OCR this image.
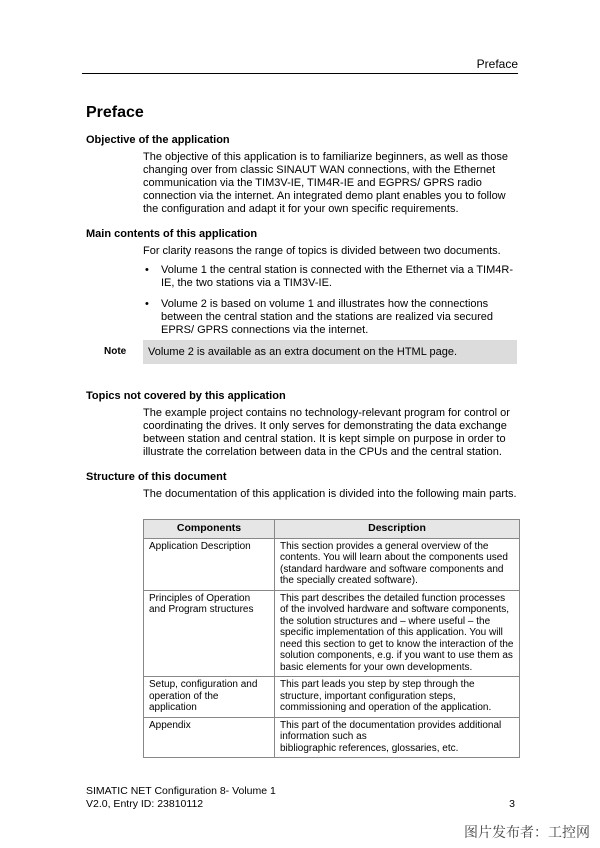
Preface
Preface
Objective of the application
The objective of this application is to familiarize beginners, as well as those changing over from classic SINAUT WAN connections, with the Ethernet communication via the TIM3V-IE, TIM4R-IE and EGPRS/ GPRS radio connection via the internet. An integrated demo plant enables you to follow the configuration and adapt it for your own specific requirements.
Main contents of this application
For clarity reasons the range of topics is divided between two documents.
• Volume 1 the central station is connected with the Ethernet via a TIM4R-IE, the two stations via a TIM3V-IE.
• Volume 2 is based on volume 1 and illustrates how the connections between the central station and the stations are realized via secured EPRS/ GPRS connections via the internet.
Note	Volume 2 is available as an extra document on the HTML page.
Topics not covered by this application
The example project contains no technology-relevant program for control or coordinating the drives. It only serves for demonstrating the data exchange between station and central station. It is kept simple on purpose in order to illustrate the correlation between data in the CPUs and the central station.
Structure of this document
The documentation of this application is divided into the following main parts.
Components	Description
Application Description	This section provides a general overview of the contents. You will learn about the components used (standard hardware and software components and the specially created software).
Principles of Operation and Program structures	This part describes the detailed function processes of the involved hardware and software components, the solution structures and – where useful – the specific implementation of this application. You will need this section to get to know the interaction of the solution components, e.g. if you want to use them as basic elements for your own developments.
Setup, configuration and operation of the application	This part leads you step by step through the structure, important configuration steps, commissioning and operation of the application.
Appendix	This part of the documentation provides additional information such as
bibliographic references, glossaries, etc.
SIMATIC NET Configuration 8- Volume 1
V2.0, Entry ID: 23810112	3
图片发布者：工控网
